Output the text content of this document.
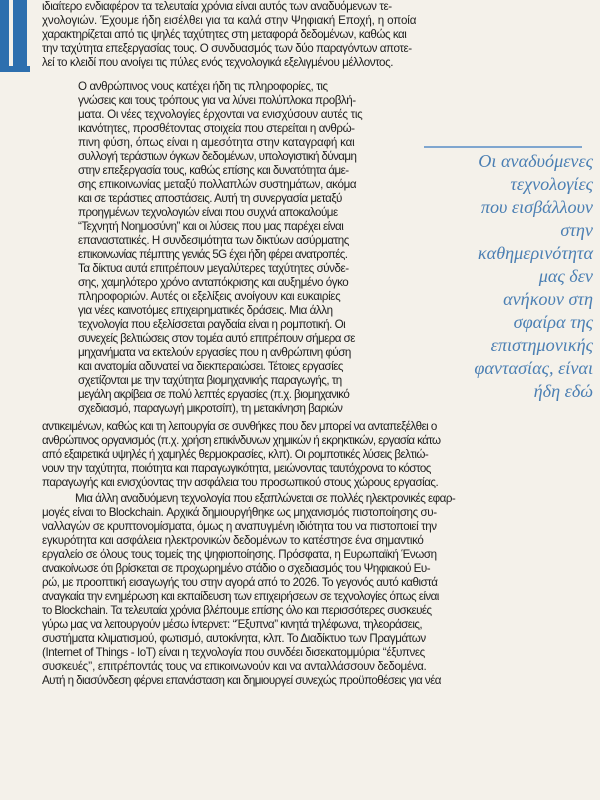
ιδιαίτερο ενδιαφέρον τα τελευταία χρόνια είναι αυτός των αναδυόμενων τε-
χνολογιών. Έχουμε ήδη εισέλθει για τα καλά στην Ψηφιακή Εποχή, η οποία
χαρακτηρίζεται από τις ψηλές ταχύτητες στη μεταφορά δεδομένων, καθώς και
την ταχύτητα επεξεργασίας τους. Ο συνδυασμός των δύο παραγόντων αποτε-
λεί το κλειδί που ανοίγει τις πύλες ενός τεχνολογικά εξελιγμένου μέλλοντος.
Ο ανθρώπινος νους κατέχει ήδη τις πληροφορίες, τις
γνώσεις και τους τρόπους για να λύνει πολύπλοκα προβλή-
ματα. Οι νέες τεχνολογίες έρχονται να ενισχύσουν αυτές τις
ικανότητες, προσθέτοντας στοιχεία που στερείται η ανθρώ-
πινη φύση, όπως είναι η αμεσότητα στην καταγραφή και
συλλογή τεράστιων όγκων δεδομένων, υπολογιστική δύναμη
στην επεξεργασία τους, καθώς επίσης και δυνατότητα άμε-
σης επικοινωνίας μεταξύ πολλαπλών συστημάτων, ακόμα
και σε τεράστιες αποστάσεις. Αυτή τη συνεργασία μεταξύ
προηγμένων τεχνολογιών είναι που συχνά αποκαλούμε
“Τεχνητή Νοημοσύνη” και οι λύσεις που μας παρέχει είναι
επαναστατικές. Η συνδεσιμότητα των δικτύων ασύρματης
επικοινωνίας πέμπτης γενιάς 5G έχει ήδη φέρει ανατροπές.
Τα δίκτυα αυτά επιτρέπουν μεγαλύτερες ταχύτητες σύνδε-
σης, χαμηλότερο χρόνο ανταπόκρισης και αυξημένο όγκο
πληροφοριών. Αυτές οι εξελίξεις ανοίγουν και ευκαιρίες
για νέες καινοτόμες επιχειρηματικές δράσεις. Μια άλλη
τεχνολογία που εξελίσσεται ραγδαία είναι η ρομποτική. Οι
συνεχείς βελτιώσεις στον τομέα αυτό επιτρέπουν σήμερα σε
μηχανήματα να εκτελούν εργασίες που η ανθρώπινη φύση
και ανατομία αδυνατεί να διεκπεραιώσει. Τέτοιες εργασίες
σχετίζονται με την ταχύτητα βιομηχανικής παραγωγής, τη
μεγάλη ακρίβεια σε πολύ λεπτές εργασίες (π.χ. βιομηχανικό
σχεδιασμό, παραγωγή μικροτσίπ), τη μετακίνηση βαριών
αντικειμένων, καθώς και τη λειτουργία σε συνθήκες που δεν μπορεί να ανταπεξέλθει ο
ανθρώπινος οργανισμός (π.χ. χρήση επικίνδυνων χημικών ή εκρηκτικών, εργασία κάτω
από εξαιρετικά υψηλές ή χαμηλές θερμοκρασίες, κλπ). Οι ρομποτικές λύσεις βελτιώ-
νουν την ταχύτητα, ποιότητα και παραγωγικότητα, μειώνοντας ταυτόχρονα το κόστος
παραγωγής και ενισχύοντας την ασφάλεια του προσωπικού στους χώρους εργασίας.
Μια άλλη αναδυόμενη τεχνολογία που εξαπλώνεται σε πολλές ηλεκτρονικές εφαρ-
μογές είναι το Blockchain. Αρχικά δημιουργήθηκε ως μηχανισμός πιστοποίησης συ-
ναλλαγών σε κρυπτονομίσματα, όμως η αναπυγμένη ιδιότητα του να πιστοποιεί την
εγκυρότητα και ασφάλεια ηλεκτρονικών δεδομένων το κατέστησε ένα σημαντικό
εργαλείο σε όλους τους τομείς της ψηφιοποίησης. Πρόσφατα, η Ευρωπαϊκή Ένωση
ανακοίνωσε ότι βρίσκεται σε προχωρημένο στάδιο ο σχεδιασμός του Ψηφιακού Ευ-
ρώ, με προοπτική εισαγωγής του στην αγορά από το 2026. Το γεγονός αυτό καθιστά
αναγκαία την ενημέρωση και εκπαίδευση των επιχειρήσεων σε τεχνολογίες όπως είναι
το Blockchain. Τα τελευταία χρόνια βλέπουμε επίσης όλο και περισσότερες συσκευές
γύρω μας να λειτουργούν μέσω ίντερνετ: ‘‘Έξυπνα’’ κινητά τηλέφωνα, τηλεοράσεις,
συστήματα κλιματισμού, φωτισμό, αυτοκίνητα, κλπ. Το Διαδίκτυο των Πραγμάτων
(Internet of Things - IoT) είναι η τεχνολογία που συνδέει δισεκατομμύρια ‘‘έξυπνες
συσκευές’’, επιτρέποντάς τους να επικοινωνούν και να ανταλλάσσουν δεδομένα.
Αυτή η διασύνδεση φέρνει επανάσταση και δημιουργεί συνεχώς προϋποθέσεις για νέα
Οι αναδυόμενες
τεχνολογίες
που εισβάλλουν
στην
καθημερινότητα
μας δεν
ανήκουν στη
σφαίρα της
επιστημονικής
φαντασίας, είναι
ήδη εδώ
